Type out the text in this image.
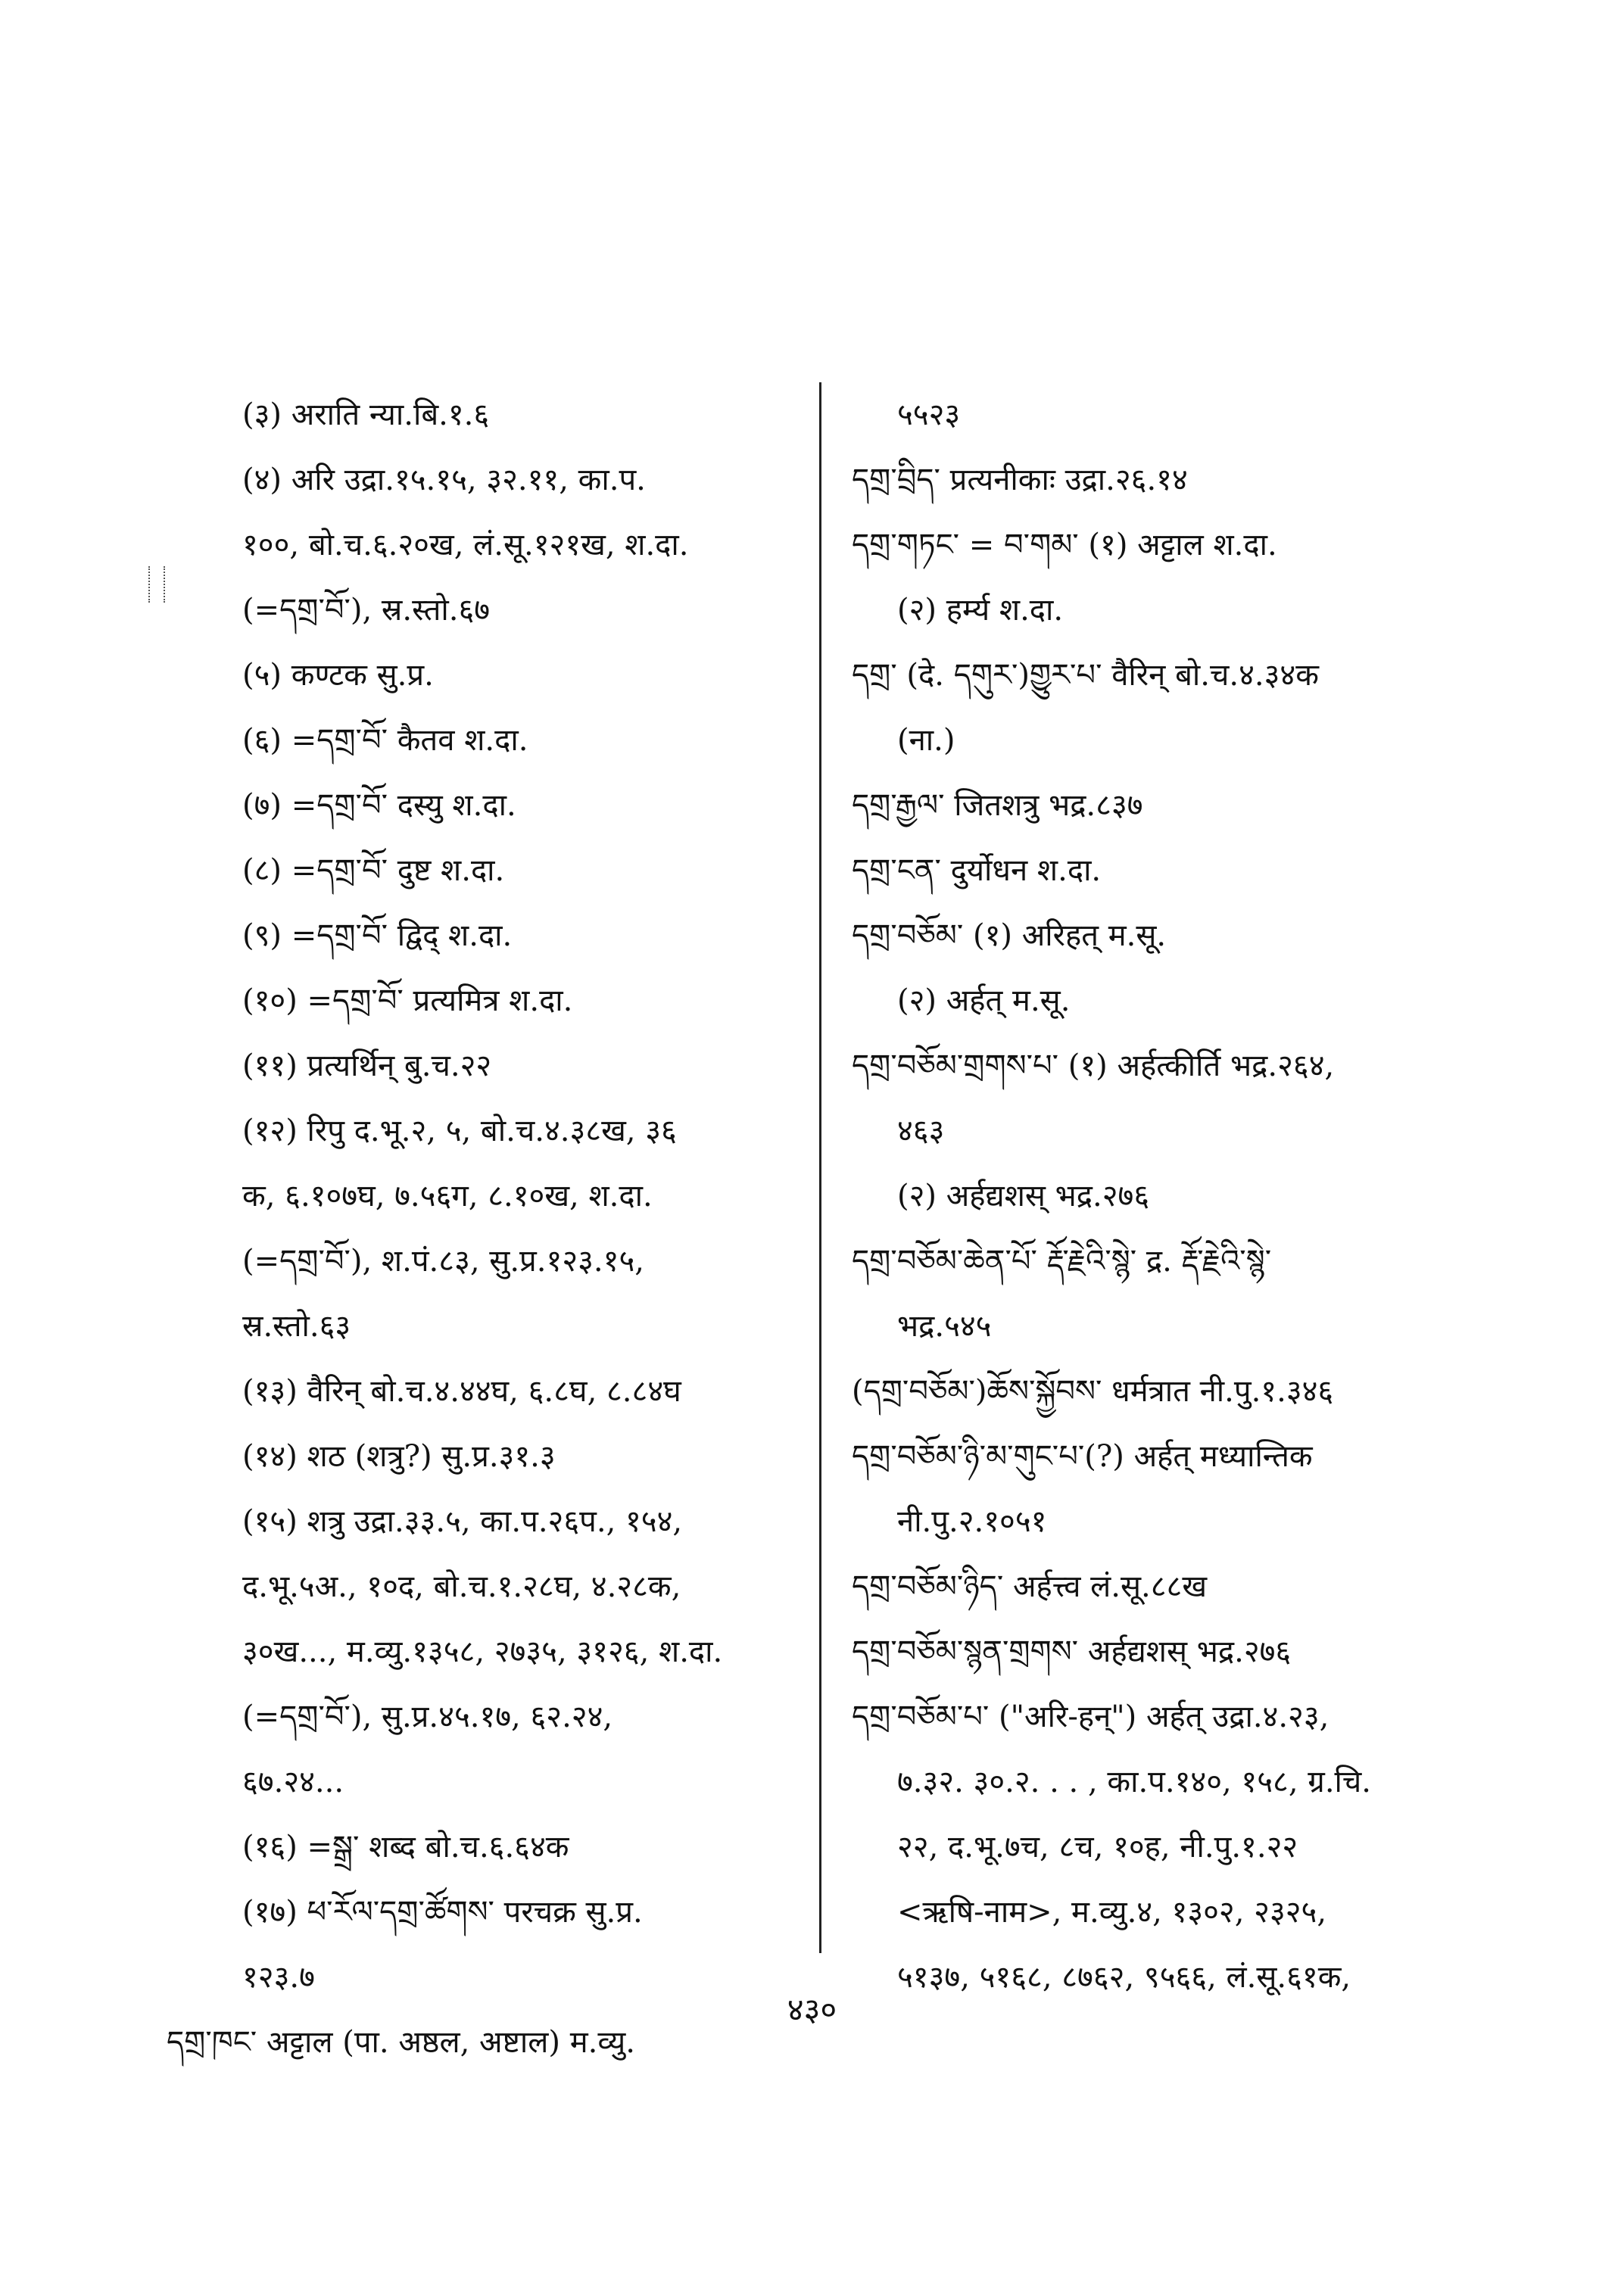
(३) अराति न्या.बि.१.६
(४) अरि उद्रा.१५.१५, ३२.११, का.प.
१००, बो.च.६.२०ख, लं.सू.१२१ख, श.दा.
(=དགྲ་བོ་), स्र.स्तो.६७
(५) कण्टक सु.प्र.
(६) =དགྲ་བོ་ कैतव श.दा.
(७) =དགྲ་བོ་ दस्यु श.दा.
(८) =དགྲ་བོ་ दुष्ट श.दा.
(९) =དགྲ་བོ་ द्विद् श.दा.
(१०) =དགྲ་བོ་ प्रत्यमित्र श.दा.
(११) प्रत्यर्थिन् बु.च.२२
(१२) रिपु द.भू.२, ५, बो.च.४.३८ख, ३६
क, ६.१०७घ, ७.५६ग, ८.१०ख, श.दा.
(=དགྲ་བོ་), श.पं.८३, सु.प्र.१२३.१५,
स्र.स्तो.६३
(१३) वैरिन् बो.च.४.४४घ, ६.८घ, ८.८४घ
(१४) शठ (शत्रु?) सु.प्र.३१.३
(१५) शत्रु उद्रा.३३.५, का.प.२६प., १५४,
द.भू.५अ., १०द, बो.च.१.२८घ, ४.२८क,
३०ख..., म.व्यु.१३५८, २७३५, ३१२६, श.दा.
(=དགྲ་བོ་), सु.प्र.४५.१७, ६२.२४,
६७.२४...
(१६) =སྒྲ་ शब्द बो.च.६.६४क
(१७) ཕ་རོལ་དགྲ་ཚོགས་ परचक्र सु.प्र.
१२३.७
དགྲ་ཁང་ अट्टाल (पा. अष्ठल, अष्टाल) म.व्यु.
५५२३
དགྲ་བྲིད་ प्रत्यनीकाः उद्रा.२६.१४
དགྲ་གཏང་ = བ་གམ་ (१) अट्टाल श.दा.
(२) हर्म्य श.दा.
དགྲ་ (दे. དགུར་)གྱུར་པ་ वैरिन् बो.च.४.३४क
(ना.)
དགྲ་རྒྱལ་ जितशत्रु भद्र.८३७
དགྲ་ངན་ दुर्योधन श.दा.
དགྲ་བཅོམ་ (१) अरिहत् म.सू.
(२) अर्हत् म.सू.
དགྲ་བཅོམ་གྲགས་པ་ (१) अर्हत्कीर्ति भद्र.२६४,
४६३
(२) अर्हद्यशस् भद्र.२७६
དགྲ་བཅོམ་ཆེན་པོ་ རྡོ་རྗེའི་སྙེ་ द्र. རྡོ་རྗེའི་སྙེ་
भद्र.५४५
(དགྲ་བཅོམ་)ཆོས་སྐྱོབས་ धर्मत्रात नी.पु.१.३४६
དགྲ་བཅོམ་ཉི་མ་གུང་པ་(?) अर्हत् मध्यान्तिक
नी.पु.२.१०५१
དགྲ་བཅོམ་ཉིད་ अर्हत्त्व लं.सू.८८ख
དགྲ་བཅོམ་སྙན་གྲགས་ अर्हद्यशस् भद्र.२७६
དགྲ་བཅོམ་པ་ ("अरि-हन्") अर्हत् उद्रा.४.२३,
७.३२. ३०.२. . . , का.प.१४०, १५८, ग्र.चि.
२२, द.भू.७च, ८च, १०ह, नी.पु.१.२२
<ऋषि-नाम>, म.व्यु.४, १३०२, २३२५,
५१३७, ५१६८, ८७६२, ९५६६, लं.सू.६१क,
४३०
